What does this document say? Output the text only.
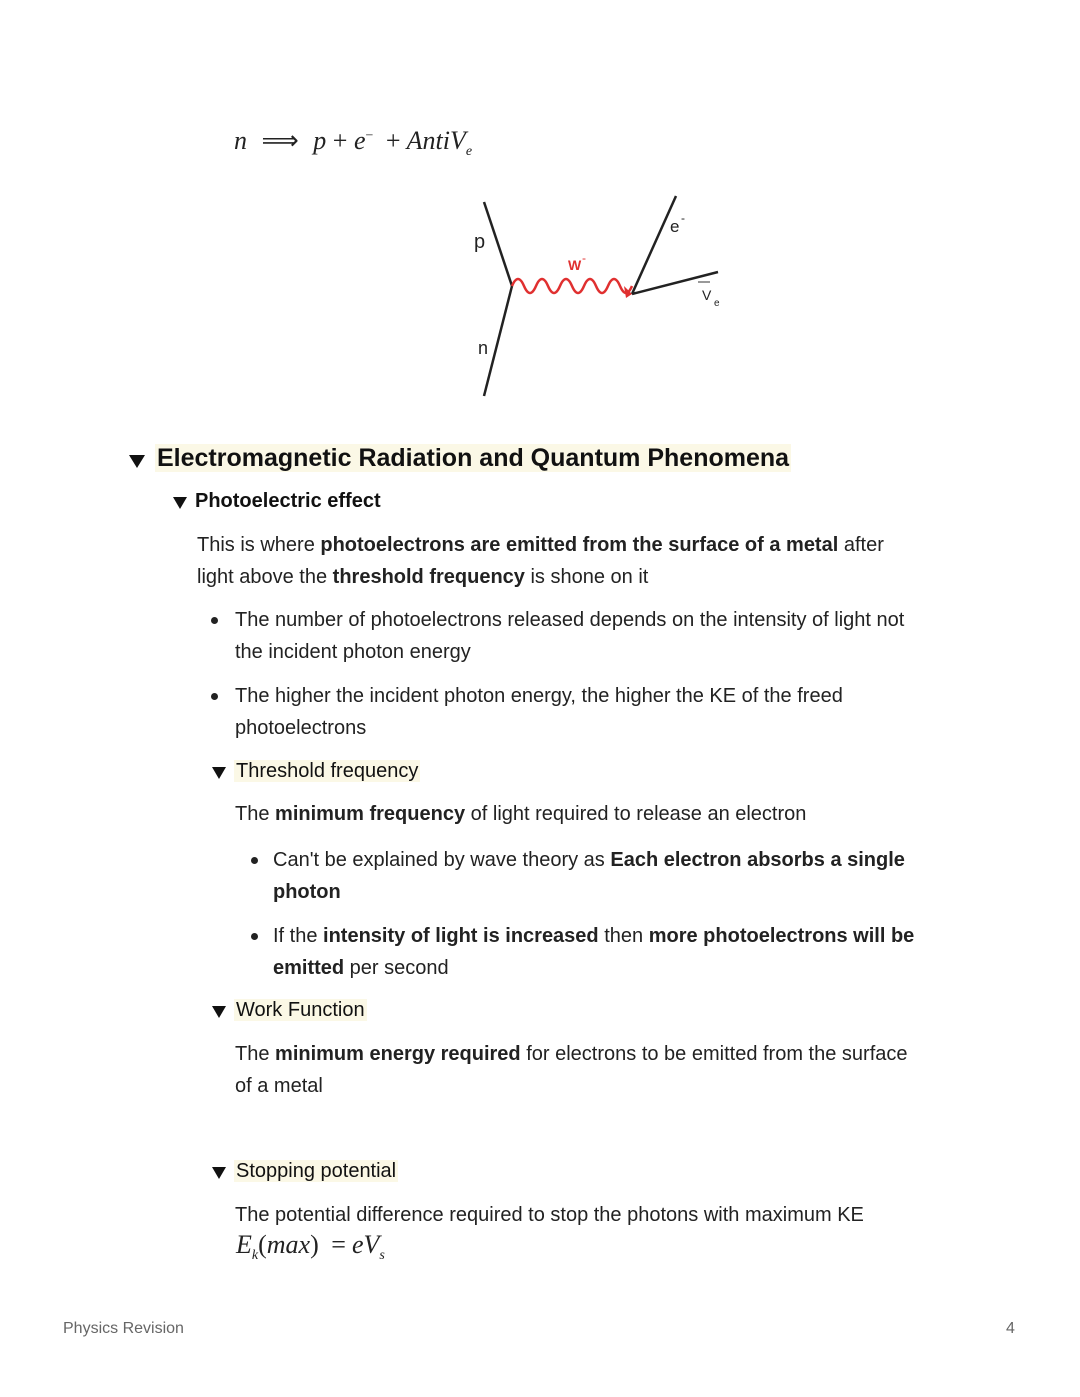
n ⟹ p + e− + AntiV$_e$
p
n
W -
e -
V
e
Electromagnetic Radiation and Quantum Phenomena
Photoelectric effect
This is where photoelectrons are emitted from the surface of a metal after
light above the threshold frequency is shone on it
The number of photoelectrons released depends on the intensity of light not
the incident photon energy
The higher the incident photon energy, the higher the KE of the freed
photoelectrons
Threshold frequency
The minimum frequency of light required to release an electron
Can't be explained by wave theory as Each electron absorbs a single
photon
If the intensity of light is increased then more photoelectrons will be
emitted per second
Work Function
The minimum energy required for electrons to be emitted from the surface
of a metal
Stopping potential
The potential difference required to stop the photons with maximum KE
$E_k(\max) = eV_s$
Physics Revision	4
